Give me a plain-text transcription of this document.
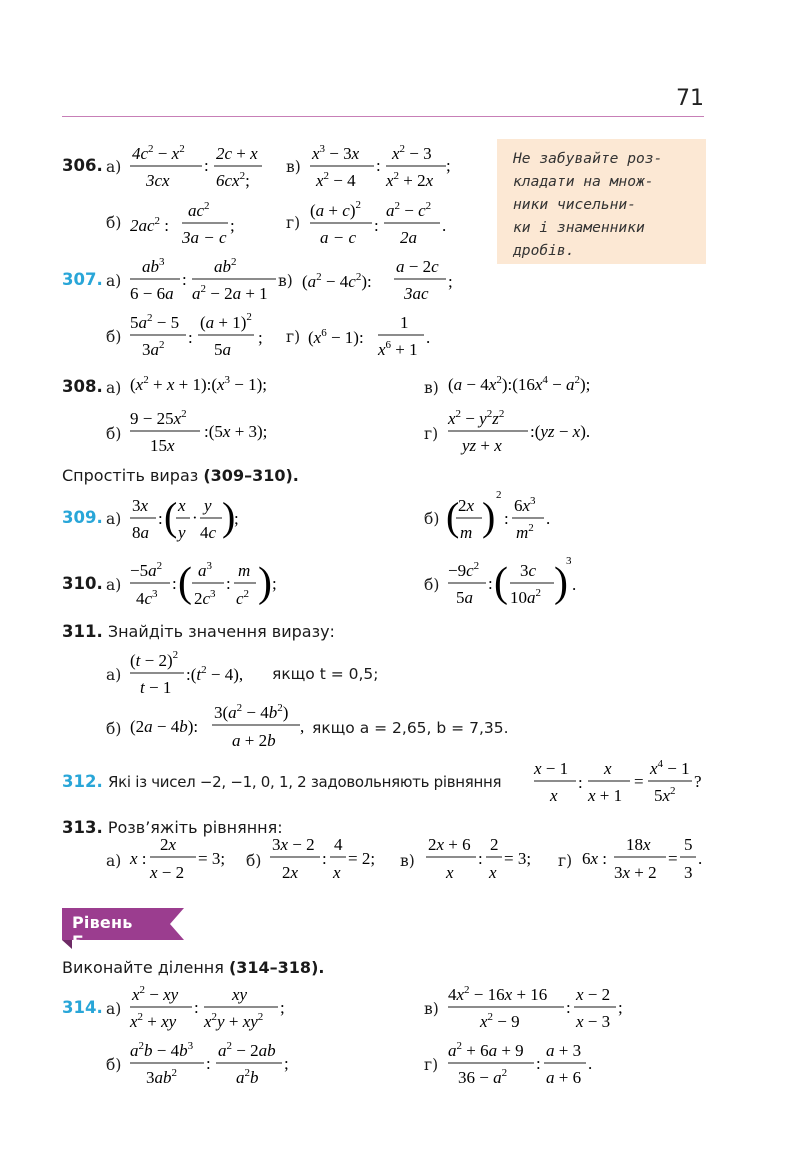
71
Не забувайте роз-
кладати на множ-
ники чисельни-
ки і знаменники
дробів.
306. а)
$4c^2 - x^2$
3cx
:
2c + x
$6cx^2$;
в)
$x^3 - 3x$
$x^2 - 4$
:
$x^2 - 3$
$x^2 + 2x$
;
б) $2ac^2$ :
$ac^2$
3a − c
;	г)
$(a + c)^2$
a − c
:
$a^2 - c^2$
2a
.
307. а)
$ab^3$
6 − 6a
:
$ab^2$
$a^2 - 2a + 1$
в) $(a^2 - 4c^2)$:
a − 2c
3ac
;
б)
$5a^2 - 5$
$3a^2$ :
$(a + 1)^2$
5a
; г) $(x^6 - 1)$:
1
$x^6 + 1$
.
308. а) ($x^2 + x$ + $1):(x^3 - 1)$;	в) $(a - 4x^2):(16x^4 - a^2)$;
б)
$9 - 25x^2$
15x
:(5x + 3);	г)
$x^2 - y^2z^2$
yz + x
:(yz − x).
Спростіть вираз (309–310).
309. а)
3x
8a
: ( x
y
·
y
4c )
;	б) (
2x
m ) 2
:
$6x^3$
$m^2$ .
310. а)
$-5a^2$
$4c^3$
: ( $a^3$
$2c^3$
:
m
$c^2$ ) ;	б)
$-9c^2$
5a
: ( 3c
$10a^2$ )
3
.
311. Знайдіть значення виразу:
а)
$(t - 2)^2$
t − 1
$:(t^2 - 4)$, якщо t = 0,5;
б) (2a − 4b):
$3(a^2 - 4b^2)$
a + 2b
, якщо a = 2,65, b = 7,35.
312. Які із чисел −2, −1, 0, 1, 2 задовольняють рівняння
x − 1
x
:
x
x + 1
=
$x^4 - 1$
$5x^2$ ?
313. Розв’яжіть рівняння:
а) x :
2x
x − 2
= 3; б)
3x − 2
2x
:
4
x
= 2; в)
2x + 6
x
:
2
x
= 3; г) 6x :
18x
3x + 2
=
5
3
.
Рівень Б
Виконайте ділення (314–318).
314. а)
$x^2$ − xy
$x^2$ + xy
:
xy
$x^2y + xy^2$ ;	в)
$4x^2 - 16x + 16$
$x^2 - 9$
:
x − 2
x − 3
;
б)
$a^2b - 4b^3$
$3ab^2$ :
$a^2 - 2ab$
$a^2b$
;	г)
$a^2 + 6a + 9$
$36 - a^2$ :
a + 3
a + 6
.
